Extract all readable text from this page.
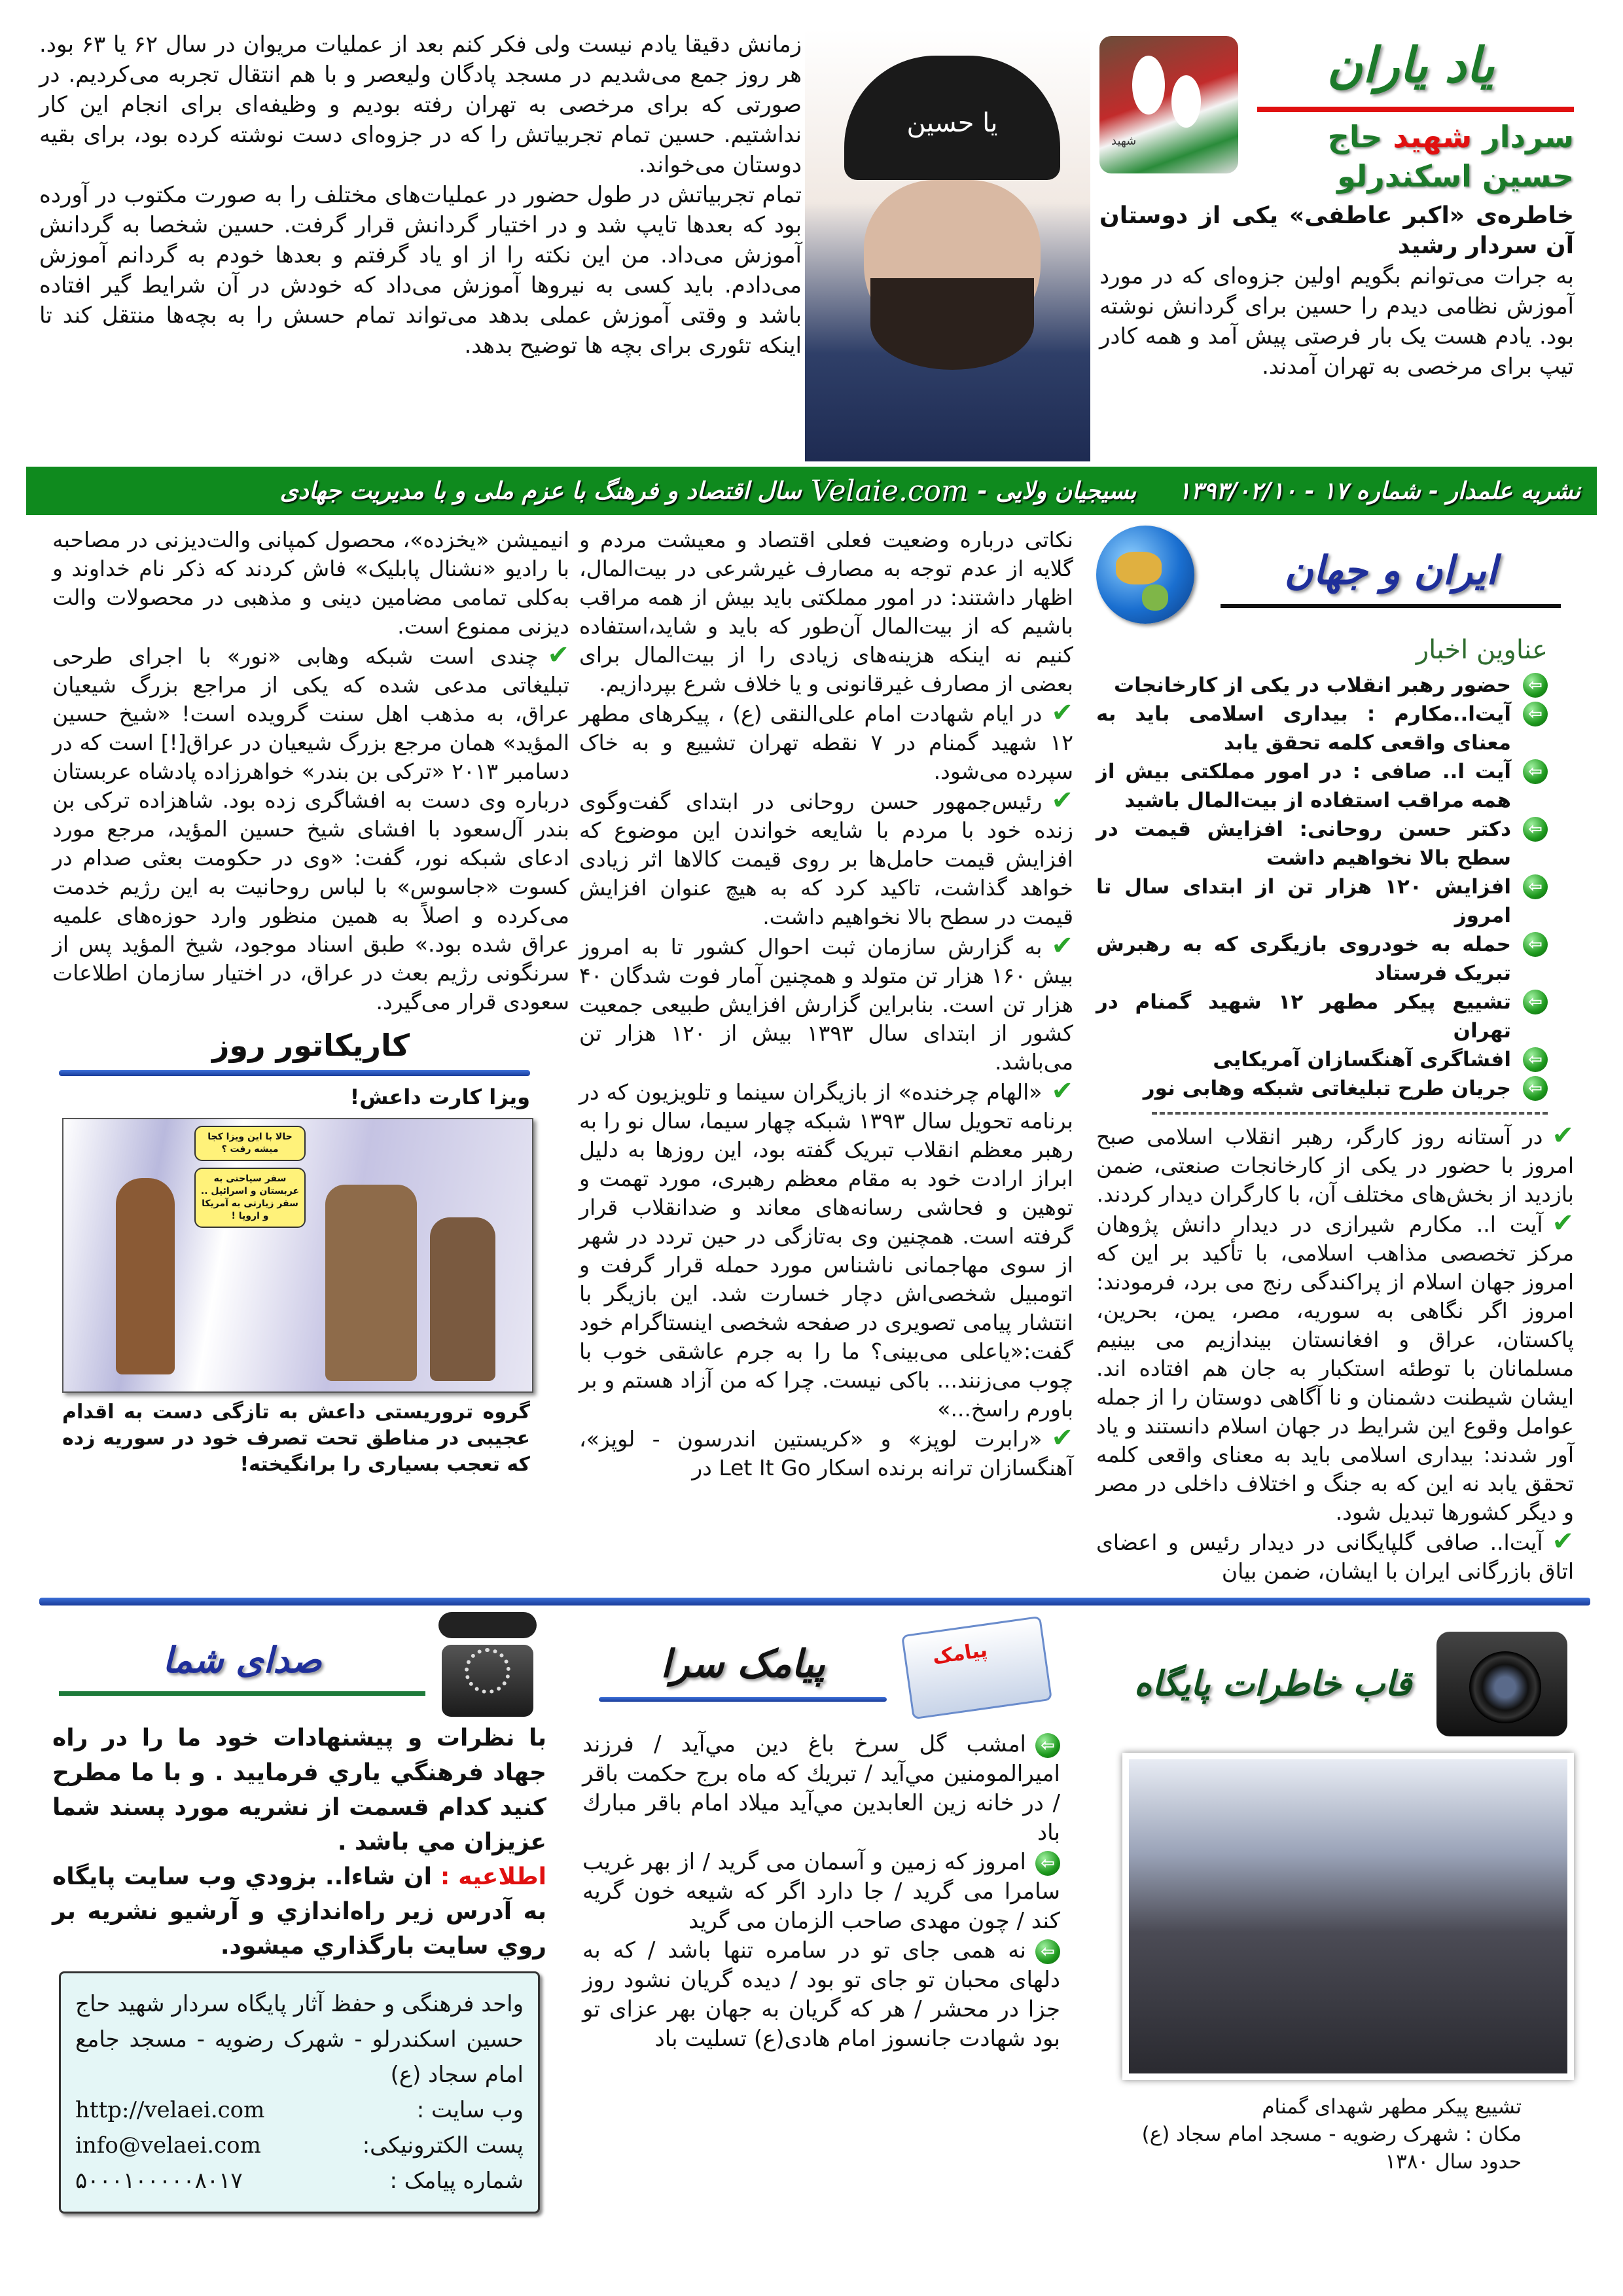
زمانش دقیقا یادم نیست ولی فکر کنم بعد از عملیات مریوان در سال ۶۲ یا ۶۳ بود. هر روز جمع می‌شدیم در مسجد پادگان ولیعصر و با هم انتقال تجربه می‌کردیم. در صورتی که برای مرخصی به تهران رفته بودیم و وظیفه‌ای برای انجام این کار نداشتیم. حسین تمام تجربیاتش را که در جزوه‌ای دست نوشته کرده بود، برای بقیه دوستان می‌خواند.

تمام تجربیاتش در طول حضور در عملیات‌های مختلف را به صورت مکتوب در آورده بود که بعدها تایپ شد و در اختیار گردانش قرار گرفت. حسین شخصا به گردانش آموزش می‌داد. من این نکته را از او یاد گرفتم و بعدها خودم به گردانم آموزش می‌دادم. باید کسی به نیروها آموزش می‌داد که خودش در آن شرایط گیر افتاده باشد و وقتی آموزش عملی بدهد می‌تواند تمام حسش را به بچه‌ها منتقل کند تا اینکه تئوری برای بچه ها توضیح بدهد.

یا حسین
شهید
یاد یاران
سردار شهید حاج حسین اسکندرلو
خاطره‌ی «اکبر عاطفی» یکی از دوستان آن سردار رشید
به جرات می‌توانم بگویم اولین جزوه‌ای که در مورد آموزش نظامی دیدم را حسین برای گردانش نوشته بود. یادم هست یک بار فرصتی پیش آمد و همه کادر تیپ برای مرخصی به تهران آمدند.
نشریه علمدار - شماره ۱۷ - ۱۳۹۳/۰۲/۱۰
بسیجیان ولایی -
Velaie.com
سال اقتصاد و فرهنگ با عزم ملی و با مدیریت جهادی

انیمیشن «یخزده»، محصول کمپانی والت‌دیزنی در مصاحبه با رادیو «نشنال پابلیک» فاش کردند که ذکر نام خداوند و به‌کلی تمامی مضامین دینی و مذهبی در محصولات والت دیزنی ممنوع است.

✔چندی است شبکه وهابی «نور» با اجرای طرحی تبلیغاتی مدعی شده که یکی از مراجع بزرگ شیعیان عراق، به مذهب اهل سنت گرویده است! «شیخ حسین المؤید» همان مرجع بزرگ شیعیان در عراق[!] است که در دسامبر ۲۰۱۳ «ترکی بن بندر» خواهرزاده پادشاه عربستان درباره وی دست به افشاگری زده بود. شاهزاده ترکی بن بندر آل‌سعود با افشای شیخ حسین المؤید، مرجع مورد ادعای شبکه نور، گفت: «وی در حکومت بعثی صدام در کسوت «جاسوس» با لباس روحانیت به این رژیم خدمت می‌کرده و اصلاً به همین منظور وارد حوزه‌های علمیه عراق شده بود.» طبق اسناد موجود، شیخ المؤید پس از سرنگونی رژیم بعث در عراق، در اختیار سازمان اطلاعات سعودی قرار می‌گیرد.

کاریکاتور روز
ویزا کارت داعش!
حالا با این ویزا کجا میشه رفت ؟
سفر سیاحتی به عربستان و اسرائیل .. سفر زیارتی به آمریکا و اروپا !
گروه تروریستی داعش به تازگی دست به اقدام عجیبی در مناطق تحت تصرف خود در سوریه زده که تعجب بسیاری را برانگیخته!

نکاتی درباره وضعیت فعلی اقتصاد و معیشت مردم و گلایه از عدم توجه به مصارف غیرشرعی در بیت‌المال، اظهار داشتند: در امور مملکتی باید بیش از همه مراقب باشیم که از بیت‌المال آن‌طور که باید و شاید،استفاده کنیم نه اینکه هزینه‌های زیادی را از بیت‌المال برای بعضی از مصارف غیرقانونی و یا خلاف شرع بپردازیم.

✔در ایام شهادت امام علی‌النقی (ع) ، پیکرهای مطهر ۱۲ شهید گمنام در ۷ نقطه تهران تشییع و به خاک سپرده می‌شود.

✔رئیس‌جمهور حسن روحانی در ابتدای گفت‌وگوی زنده خود با مردم با شایعه خواندن این موضوع که افزایش قیمت حامل‌ها بر روی قیمت کالاها اثر زیادی خواهد گذاشت، تاکید کرد که به هیچ عنوان افزایش قیمت در سطح بالا نخواهیم داشت.

✔به گزارش سازمان ثبت احوال کشور تا به امروز بیش ۱۶۰ هزار تن متولد و همچنین آمار فوت شدگان ۴۰ هزار تن است. بنابراین گزارش افزایش طبیعی جمعیت کشور از ابتدای سال ۱۳۹۳ بیش از ۱۲۰ هزار تن می‌باشد.

✔«الهام چرخنده» از بازیگران سینما و تلویزیون که در برنامه تحویل سال ۱۳۹۳ شبکه چهار سیما، سال نو را به رهبر معظم انقلاب تبریک گفته بود، این روزها به دلیل ابراز ارادت خود به مقام معظم رهبری، مورد تهمت و توهین و فحاشی رسانه‌های معاند و ضدانقلاب قرار گرفته است. همچنین وی به‌تازگی در حین تردد در شهر از سوی مهاجمانی ناشناس مورد حمله قرار گرفت و اتومبیل شخصی‌اش دچار خسارت شد. این بازیگر با انتشار پیامی تصویری در صفحه شخصی اینستاگرام خود گفت:«یاعلی می‌بینی؟ ما را به جرم عاشقی خوب با چوب می‌زنند... باکی نیست. چرا که من آزاد هستم و بر باورم راسخ...»

✔«رابرت لوپز» و «کریستین اندرسون - لوپز»، آهنگسازان ترانه برنده اسکار Let It Go در

ایران و جهان
عناوین اخبار
⇦
حضور رهبر انقلاب در یکی از کارخانجات
⇦
آیت‌ا..مکارم : بیداری اسلامی باید به معنای واقعی کلمه تحقق یابد
⇦
آیت ا.. صافی : در امور مملکتی بیش از همه مراقب استفاده از بیت‌المال باشید
⇦
دکتر حسن روحانی: افزایش قیمت در سطح بالا نخواهیم داشت
⇦
افزایش ۱۲۰ هزار تن از ابتدای سال تا امروز
⇦
حمله به خودروی بازیگری که به رهبرش تبریک فرستاد
⇦
تشییع پیکر مطهر ۱۲ شهید گمنام در تهران
⇦
افشاگری آهنگسازان آمریکایی
⇦
جریان طرح تبلیغاتی شبکه وهابی نور

✔در آستانه روز کارگر، رهبر انقلاب اسلامی صبح امروز با حضور در یکی از کارخانجات صنعتی، ضمن بازدید از بخش‌های مختلف آن، با کارگران دیدار کردند.

✔آیت ا.. مکارم شیرازی در دیدار دانش پژوهان مرکز تخصصی مذاهب اسلامی، با تأکید بر این که امروز جهان اسلام از پراکندگی رنج می برد، فرمودند: امروز اگر نگاهی به سوریه، مصر، یمن، بحرین، پاکستان، عراق و افغانستان بیندازیم می بینیم مسلمانان با توطئه استکبار به جان هم افتاده اند. ایشان شیطنت دشمنان و نا آگاهی دوستان را از جمله عوامل وقوع این شرایط در جهان اسلام دانستند و یاد آور شدند: بیداری اسلامی باید به معنای واقعی کلمه تحقق یابد نه این که به جنگ و اختلاف داخلی در مصر و دیگر کشورها تبدیل شود.

✔آیت‌ا.. صافی گلپایگانی در دیدار رئیس و اعضای اتاق بازرگانی ایران با ایشان، ضمن بیان

صدای شما
با نظرات و پيشنهادات خود ما را در راه جهاد فرهنگي ياري فرماييد . و با ما مطرح كنيد كدام قسمت از نشريه مورد پسند شما عزيزان مي باشد .
اطلاعیه : ان شاءا.. بزودي وب سايت پايگاه به آدرس زير راه‌اندازي و آرشيو نشريه بر روي سايت بارگذاري ميشود.
واحد فرهنگی و حفظ آثار پایگاه سردار شهید حاج حسین اسکندرلو - شهرک رضویه - مسجد جامع امام سجاد (ع)
وب سایت :
http://velaei.com
پست الکترونیکی:
info@velaei.com
شماره پیامک :
۵۰۰۰۱۰۰۰۰۰۸۰۱۷
پیامک سرا	پیامک

⇦امشب گل سرخ باغ دین مي‌آيد / فرزند اميرالمومنين مي‌آيد / تبريك كه ماه برج حكمت باقر / در خانه زين العابدين مي‌آيد ميلاد امام باقر مبارك باد

⇦امروز که زمین و آسمان می گرید / از بهر غریب سامرا می گرید / جا دارد اگر که شیعه خون گریه کند / چون مهدی صاحب الزمان می گرید

⇦نه همی جای تو در سامره تنها باشد / که به دلهای محبان تو جای تو بود / دیده گریان نشود روز جزا در محشر / هر که گریان به جهان بهر عزای تو بود شهادت جانسوز امام هادی(ع) تسلیت باد

قاب خاطرات پایگاه
تشییع پیکر مطهر شهدای گمنام
مکان : شهرک رضویه - مسجد امام سجاد (ع)
حدود سال ۱۳۸۰
